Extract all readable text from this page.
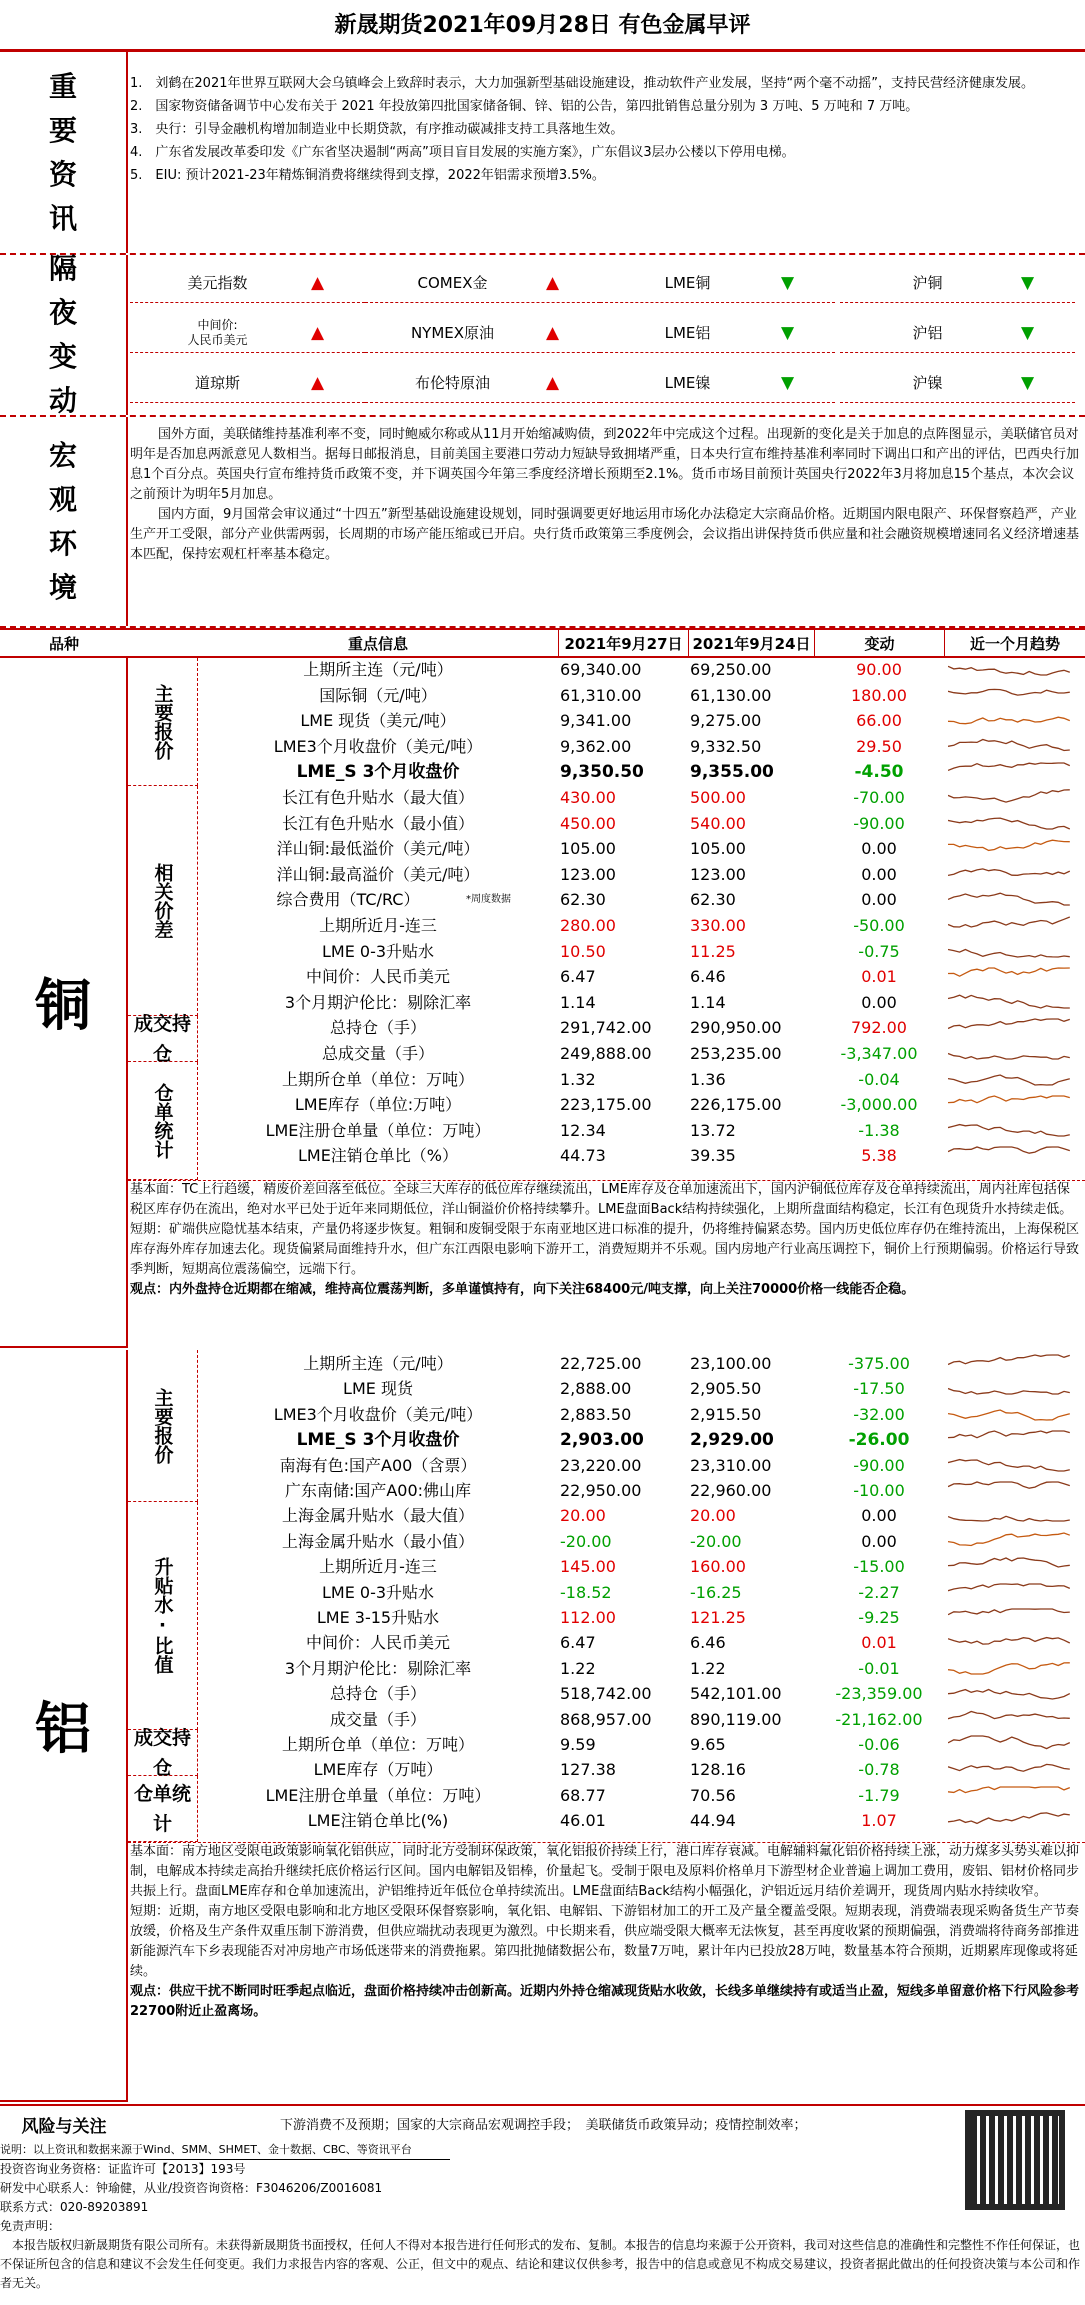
新晟期货2021年09月28日 有色金属早评
重
要
资
讯
1.　刘鹤在2021年世界互联网大会乌镇峰会上致辞时表示，大力加强新型基础设施建设，推动软件产业发展，坚持“两个毫不动摇”，支持民营经济健康发展。
2.　国家物资储备调节中心发布关于 2021 年投放第四批国家储备铜、锌、铝的公告，第四批销售总量分别为 3 万吨、5 万吨和 7 万吨。
3.　央行：引导金融机构增加制造业中长期贷款，有序推动碳减排支持工具落地生效。
4.　广东省发展改革委印发《广东省坚决遏制“两高”项目盲目发展的实施方案》，广东倡议3层办公楼以下停用电梯。
5.　EIU: 预计2021-23年精炼铜消费将继续得到支撑，2022年铝需求预增3.5%。
隔
夜
变
动
美元指数	▲	COMEX金	▲	LME铜	▼	沪铜	▼
中间价:
人民币美元	▲	NYMEX原油	▲	LME铝	▼	沪铝	▼
道琼斯	▲	布伦特原油	▲	LME镍	▼	沪镍	▼
宏
观
环
境

国外方面，美联储维持基准利率不变，同时鲍威尔称或从11月开始缩减购债，到2022年中完成这个过程。出现新的变化是关于加息的点阵图显示，美联储官员对明年是否加息两派意见人数相当。据每日邮报消息，目前美国主要港口劳动力短缺导致拥堵严重，日本央行宣布维持基准利率同时下调出口和产出的评估，巴西央行加息1个百分点。英国央行宣布维持货币政策不变，并下调英国今年第三季度经济增长预期至2.1%。货币市场目前预计英国央行2022年3月将加息15个基点，本次会议之前预计为明年5月加息。

国内方面，9月国常会审议通过“十四五”新型基础设施建设规划，同时强调要更好地运用市场化办法稳定大宗商品价格。近期国内限电限产、环保督察趋严，产业生产开工受限，部分产业供需两弱，长周期的市场产能压缩或已开启。央行货币政策第三季度例会，会议指出讲保持货币供应量和社会融资规模增速同名义经济增速基本匹配，保持宏观杠杆率基本稳定。

品种	重点信息	2021年9月27日 2021年9月24日	变动	近一个月趋势
铜
主要报价
相关价差
成交持仓
仓单统计
上期所主连（元/吨）	69,340.00	69,250.00	90.00
国际铜（元/吨）	61,310.00	61,130.00	180.00
LME 现货（美元/吨）	9,341.00	9,275.00	66.00
LME3个月收盘价（美元/吨）	9,362.00	9,332.50	29.50
LME_S 3个月收盘价	9,350.50	9,355.00	-4.50
长江有色升贴水（最大值）	430.00	500.00	-70.00
长江有色升贴水（最小值）	450.00	540.00	-90.00
洋山铜:最低溢价（美元/吨）	105.00	105.00	0.00
洋山铜:最高溢价（美元/吨）	123.00	123.00	0.00
综合费用（TC/RC）	62.30	62.30	0.00
*周度数据
上期所近月-连三	280.00	330.00	-50.00
LME 0-3升贴水	10.50	11.25	-0.75
中间价：人民币美元	6.47	6.46	0.01
3个月期沪伦比：剔除汇率	1.14	1.14	0.00
总持仓（手）	291,742.00	290,950.00	792.00
总成交量（手）	249,888.00	253,235.00	-3,347.00
上期所仓单（单位：万吨）	1.32	1.36	-0.04
LME库存（单位:万吨）	223,175.00	226,175.00	-3,000.00
LME注册仓单量（单位：万吨）	12.34	13.72	-1.38
LME注销仓单比（%）	44.73	39.35	5.38

基本面：TC上行趋缓，精废价差回落至低位。全球三大库存的低位库存继续流出，LME库存及仓单加速流出下，国内沪铜低位库存及仓单持续流出，周内社库包括保税区库存仍在流出，绝对水平已处于近年来同期低位，洋山铜溢价价格持续攀升。LME盘面Back结构持续强化，上期所盘面结构稳定，长江有色现货升水持续走低。

短期：矿端供应隐忧基本结束，产量仍将逐步恢复。粗铜和废铜受限于东南亚地区进口标准的提升，仍将维持偏紧态势。国内历史低位库存仍在维持流出，上海保税区库存海外库存加速去化。现货偏紧局面维持升水，但广东江西限电影响下游开工，消费短期并不乐观。国内房地产行业高压调控下，铜价上行预期偏弱。价格运行导致季判断，短期高位震荡偏空，远端下行。

观点：内外盘持仓近期都在缩减，维持高位震荡判断，多单谨慎持有，向下关注68400元/吨支撑，向上关注70000价格一线能否企稳。

铝
主要报价
升贴水·比值
成交持仓
仓单统计
上期所主连（元/吨）	22,725.00	23,100.00	-375.00
LME 现货	2,888.00	2,905.50	-17.50
LME3个月收盘价（美元/吨）	2,883.50	2,915.50	-32.00
LME_S 3个月收盘价	2,903.00	2,929.00	-26.00
南海有色:国产A00（含票）	23,220.00	23,310.00	-90.00
广东南储:国产A00:佛山库	22,950.00	22,960.00	-10.00
上海金属升贴水（最大值）	20.00	20.00	0.00
上海金属升贴水（最小值）	-20.00	-20.00	0.00
上期所近月-连三	145.00	160.00	-15.00
LME 0-3升贴水	-18.52	-16.25	-2.27
LME 3-15升贴水	112.00	121.25	-9.25
中间价：人民币美元	6.47	6.46	0.01
3个月期沪伦比：剔除汇率	1.22	1.22	-0.01
总持仓（手）	518,742.00	542,101.00	-23,359.00
成交量（手）	868,957.00	890,119.00	-21,162.00
上期所仓单（单位：万吨）	9.59	9.65	-0.06
LME库存（万吨）	127.38	128.16	-0.78
LME注册仓单量（单位：万吨）	68.77	70.56	-1.79
LME注销仓单比(%)	46.01	44.94	1.07

基本面：南方地区受限电政策影响氧化铝供应，同时北方受制环保政策，氧化铝报价持续上行，港口库存衰减。电解辅料氟化铝价格持续上涨，动力煤多头势头难以抑制，电解成本持续走高抬升继续托底价格运行区间。国内电解铝及铝棒，价量起飞。受制于限电及原料价格单月下游型材企业普遍上调加工费用，废铝、铝材价格同步共振上行。盘面LME库存和仓单加速流出，沪铝维持近年低位仓单持续流出。LME盘面结Back结构小幅强化，沪铝近远月结价差调开，现货周内贴水持续收窄。

短期：近期，南方地区受限电影响和北方地区受限环保督察影响，氧化铝、电解铝、下游铝材加工的开工及产量全覆盖受限。短期表现，消费端表现采购备货生产节奏放缓，价格及生产条件双重压制下游消费，但供应端扰动表现更为激烈。中长期来看，供应端受限大概率无法恢复，甚至再度收紧的预期偏强，消费端将待商务部推进新能源汽车下乡表现能否对冲房地产市场低迷带来的消费拖累。第四批抛储数据公布，数量7万吨，累计年内已投放28万吨，数量基本符合预期，近期累库现像或将延续。

观点：供应干扰不断同时旺季起点临近，盘面价格持续冲击创新高。近期内外持仓缩减现货贴水收敛，长线多单继续持有或适当止盈，短线多单留意价格下行风险参考22700附近止盈离场。

风险与关注	下游消费不及预期；国家的大宗商品宏观调控手段；　美联储货币政策异动；疫情控制效率；
说明：以上资讯和数据来源于Wind、SMM、SHMET、金十数据、CBC、等资讯平台
投资咨询业务资格：证监许可【2013】193号
研发中心联系人：钟瑜健，从业/投资咨询资格：F3046206/Z0016081
联系方式：020-89203891
免责声明：
　本报告版权归新晟期货有限公司所有。未获得新晟期货书面授权，任何人不得对本报告进行任何形式的发布、复制。本报告的信息均来源于公开资料，我司对这些信息的准确性和完整性不作任何保证，也不保证所包含的信息和建议不会发生任何变更。我们力求报告内容的客观、公正，但文中的观点、结论和建议仅供参考，报告中的信息或意见不构成交易建议，投资者据此做出的任何投资决策与本公司和作者无关。
